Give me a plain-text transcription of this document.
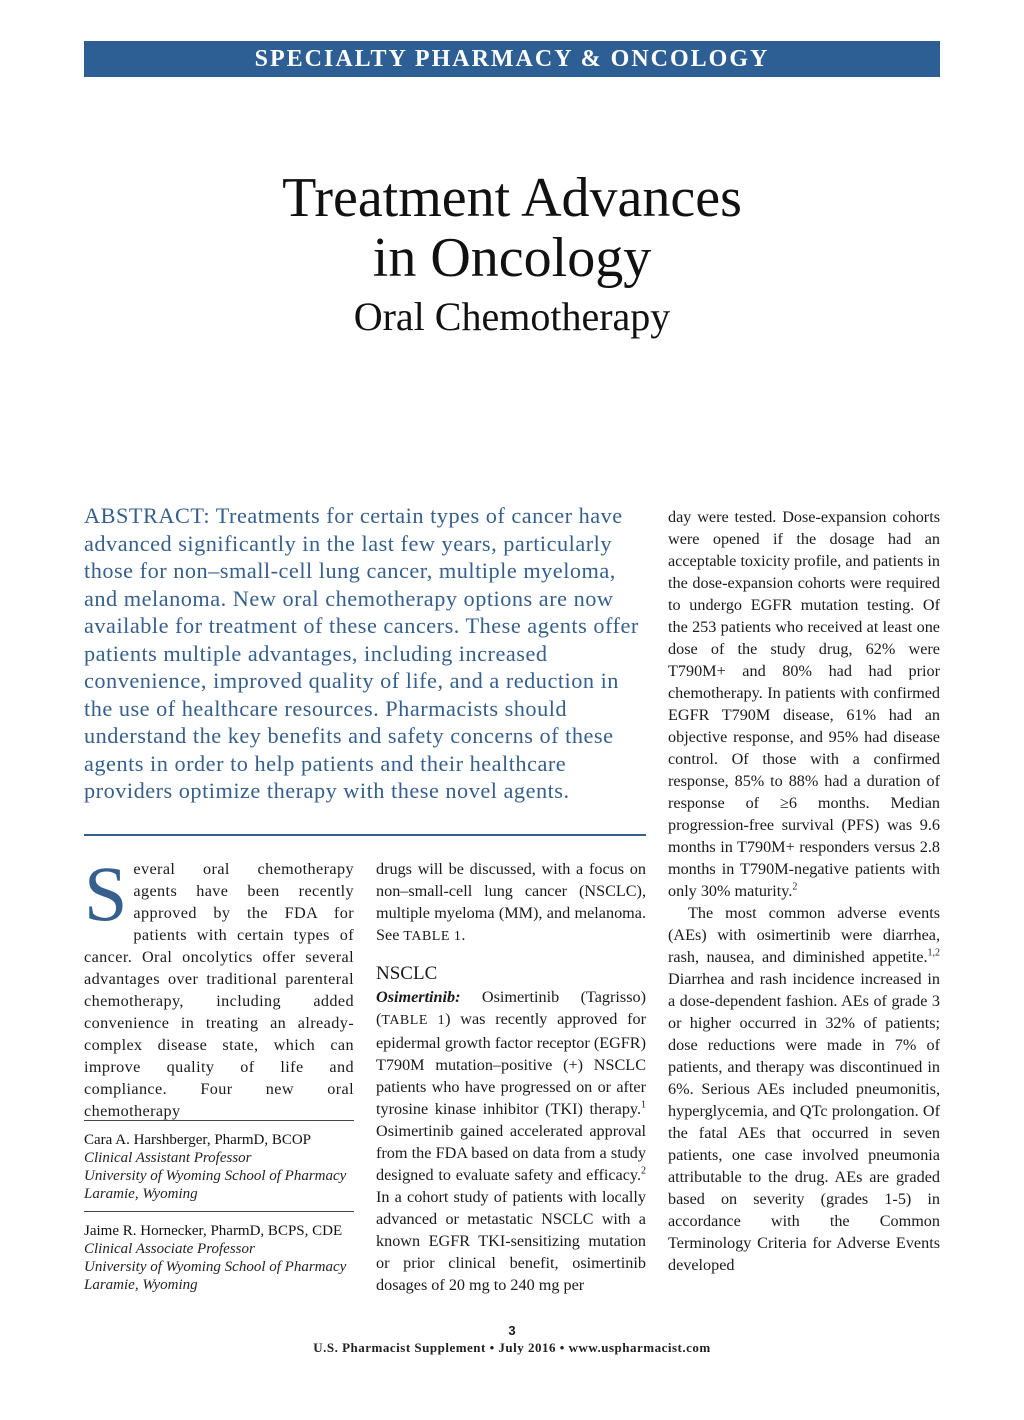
SPECIALTY PHARMACY & ONCOLOGY
Treatment Advances
in Oncology
Oral Chemotherapy
ABSTRACT: Treatments for certain types of cancer have advanced significantly in the last few years, particularly those for non–small-cell lung cancer, multiple myeloma, and melanoma. New oral chemotherapy options are now available for treatment of these cancers. These agents offer patients multiple advantages, including increased convenience, improved quality of life, and a reduction in the use of healthcare resources. Pharmacists should understand the key benefits and safety concerns of these agents in order to help patients and their healthcare providers optimize therapy with these novel agents.

Several oral chemotherapy agents have been recently approved by the FDA for patients with certain types of cancer. Oral oncolytics offer several advantages over traditional parenteral chemotherapy, including added convenience in treating an already-complex disease state, which can improve quality of life and compliance. Four new oral chemotherapy

Cara A. Harshberger, PharmD, BCOP
Clinical Assistant Professor
University of Wyoming School of Pharmacy
Laramie, Wyoming
Jaime R. Hornecker, PharmD, BCPS, CDE
Clinical Associate Professor
University of Wyoming School of Pharmacy
Laramie, Wyoming

drugs will be discussed, with a focus on non–small-cell lung cancer (NSCLC), multiple myeloma (MM), and melanoma. See TABLE 1.

NSCLC

Osimertinib: Osimertinib (Tagrisso) (TABLE 1) was recently approved for epidermal growth factor receptor (EGFR) T790M mutation–positive (+) NSCLC patients who have progressed on or after tyrosine kinase inhibitor (TKI) therapy.$^1$ Osimertinib gained accelerated approval from the FDA based on data from a study designed to evaluate safety and efficacy.$^2$ In a cohort study of patients with locally advanced or metastatic NSCLC with a known EGFR TKI-sensitizing mutation or prior clinical benefit, osimertinib dosages of 20 mg to 240 mg per

day were tested. Dose-expansion cohorts were opened if the dosage had an acceptable toxicity profile, and patients in the dose-expansion cohorts were required to undergo EGFR mutation testing. Of the 253 patients who received at least one dose of the study drug, 62% were T790M+ and 80% had had prior chemotherapy. In patients with confirmed EGFR T790M disease, 61% had an objective response, and 95% had disease control. Of those with a confirmed response, 85% to 88% had a duration of response of ≥6 months. Median progression-free survival (PFS) was 9.6 months in T790M+ responders versus 2.8 months in T790M-negative patients with only 30% maturity.$^2$

The most common adverse events (AEs) with osimertinib were diarrhea, rash, nausea, and diminished appetite.$^{1,2}$ Diarrhea and rash incidence increased in a dose-dependent fashion. AEs of grade 3 or higher occurred in 32% of patients; dose reductions were made in 7% of patients, and therapy was discontinued in 6%. Serious AEs included pneumonitis, hyperglycemia, and QTc prolongation. Of the fatal AEs that occurred in seven patients, one case involved pneumonia attributable to the drug. AEs are graded based on severity (grades 1-5) in accordance with the Common Terminology Criteria for Adverse Events developed

3
U.S. Pharmacist Supplement • July 2016 • www.uspharmacist.com
